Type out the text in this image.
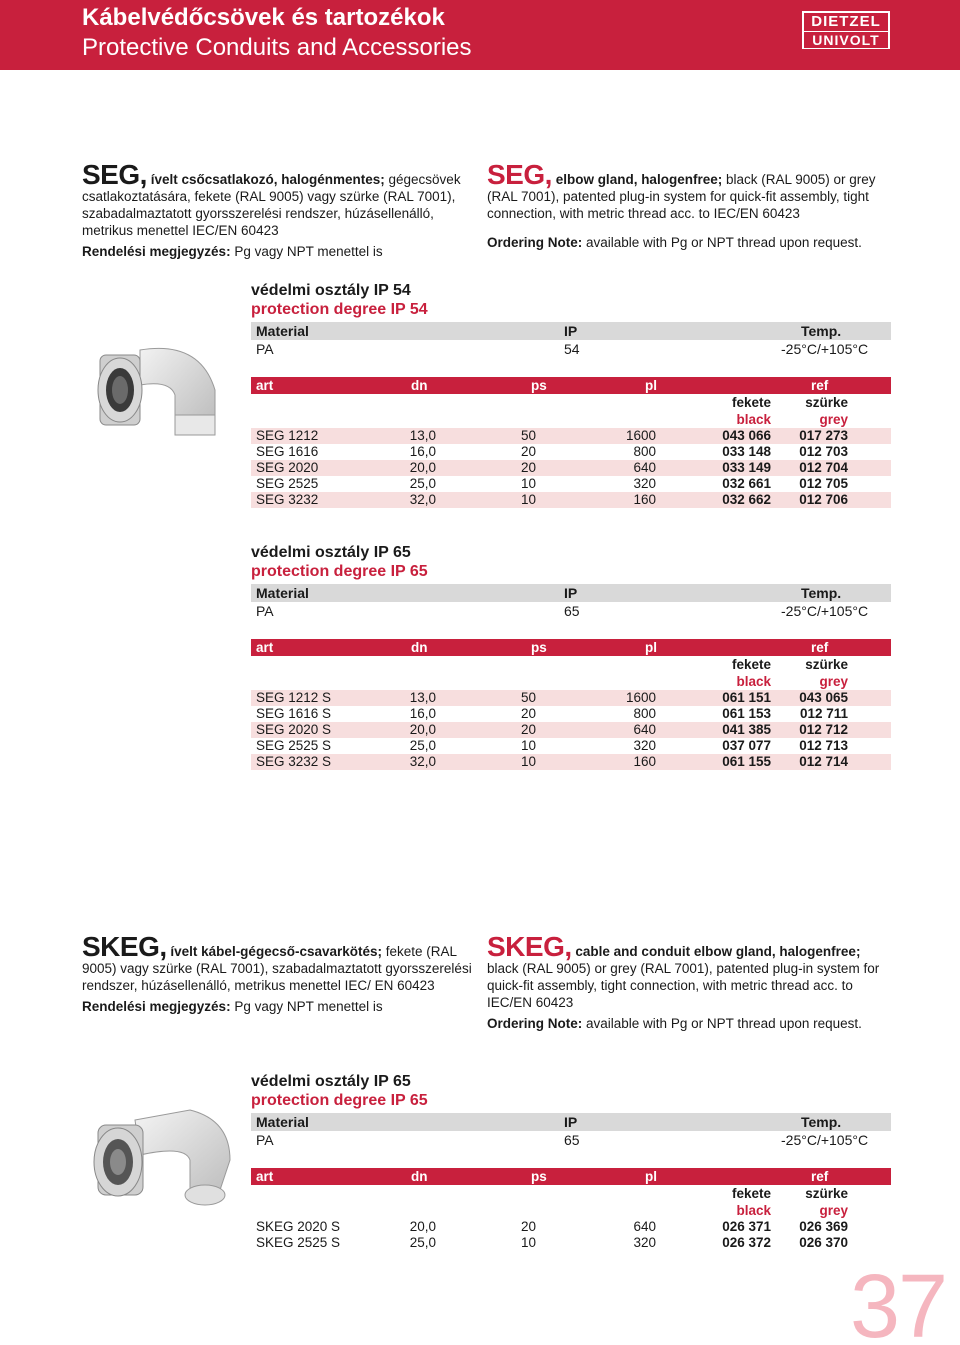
Kábelvédőcsövek és tartozékok
Protective Conduits and Accessories
DIETZEL
UNIVOLT

SEG, ívelt csőcsatlakozó, halogénmentes; gégecsövek csatlakoztatására, fekete (RAL 9005) vagy szürke (RAL 7001), szabadalmaztatott gyorsszerelési rendszer, húzásellenálló, metrikus menettel IEC/EN 60423

Rendelési megjegyzés: Pg vagy NPT menettel is

SEG, elbow gland, halogenfree; black (RAL 9005) or grey (RAL 7001), patented plug-in system for quick-fit assembly, tight connection, with metric thread acc. to IEC/EN 60423

Ordering Note: available with Pg or NPT thread upon request.

védelmi osztály IP 54
protection degree IP 54
Material	IP	Temp.
PA	54	-25°C/+105°C
art	dn	ps	pl	ref
fekete	szürke
black	grey
SEG 1212	13,0	50	1600	043 066	017 273
SEG 1616	16,0	20	800	033 148	012 703
SEG 2020	20,0	20	640	033 149	012 704
SEG 2525	25,0	10	320	032 661	012 705
SEG 3232	32,0	10	160	032 662	012 706
védelmi osztály IP 65
protection degree IP 65
Material	IP	Temp.
PA	65	-25°C/+105°C
art	dn	ps	pl	ref
fekete	szürke
black	grey
SEG 1212 S	13,0	50	1600	061 151	043 065
SEG 1616 S	16,0	20	800	061 153	012 711
SEG 2020 S	20,0	20	640	041 385	012 712
SEG 2525 S	25,0	10	320	037 077	012 713
SEG 3232 S	32,0	10	160	061 155	012 714

SKEG, ívelt kábel-gégecső-csavarkötés; fekete (RAL 9005) vagy szürke (RAL 7001), szabadalmaztatott gyorsszerelési rendszer, húzásellenálló, metrikus menettel IEC/ EN 60423

Rendelési megjegyzés: Pg vagy NPT menettel is

SKEG, cable and conduit elbow gland, halogenfree; black (RAL 9005) or grey (RAL 7001), patented plug-in system for quick-fit assembly, tight connection, with metric thread acc. to IEC/EN 60423

Ordering Note: available with Pg or NPT thread upon request.

védelmi osztály IP 65
protection degree IP 65
Material	IP	Temp.
PA	65	-25°C/+105°C
art	dn	ps	pl	ref
fekete	szürke
black	grey
SKEG 2020 S	20,0	20	640	026 371	026 369
SKEG 2525 S	25,0	10	320	026 372	026 370
37
